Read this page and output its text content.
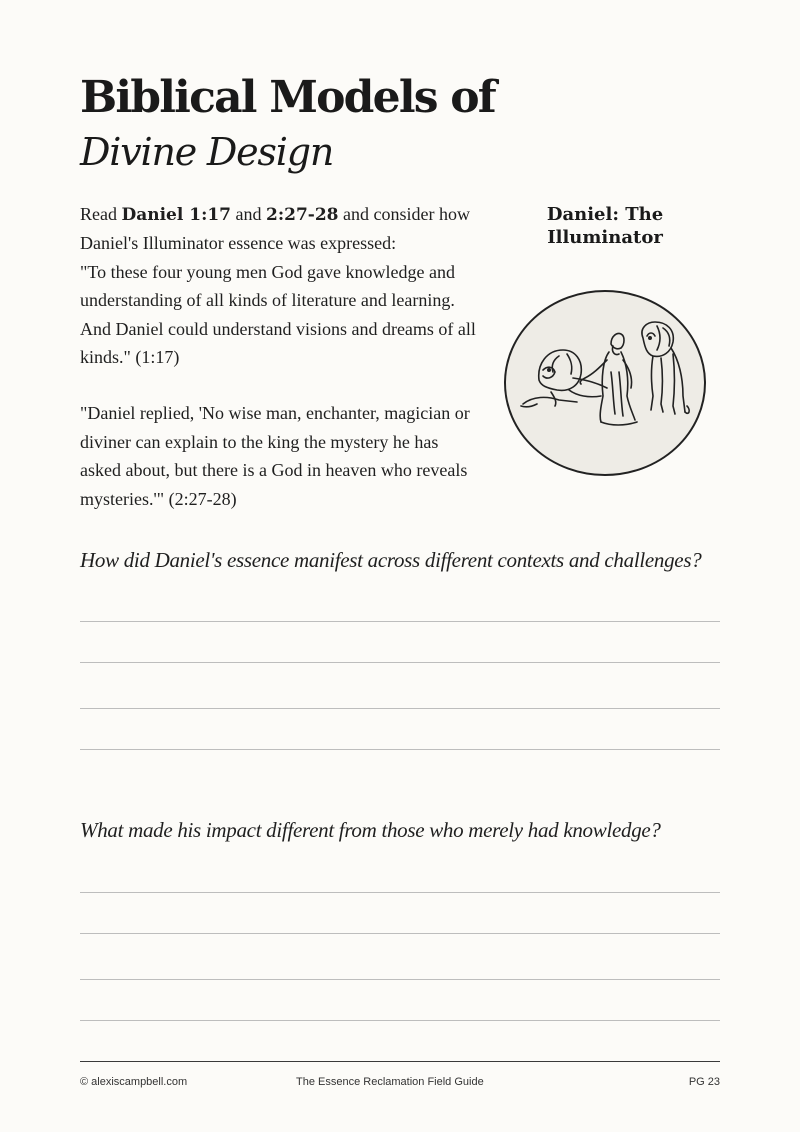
Biblical Models of
Divine Design

Read Daniel 1:17 and 2:27-28 and consider how Daniel's Illuminator essence was expressed:

"To these four young men God gave knowledge and understanding of all kinds of literature and learning. And Daniel could understand visions and dreams of all kinds." (1:17)

"Daniel replied, 'No wise man, enchanter, magician or diviner can explain to the king the mystery he has asked about, but there is a God in heaven who reveals mysteries.'" (2:27-28)

Daniel: The Illuminator
How did Daniel's essence manifest across different contexts and challenges?
What made his impact different from those who merely had knowledge?
© alexiscampbell.com	The Essence Reclamation Field Guide	PG 23
